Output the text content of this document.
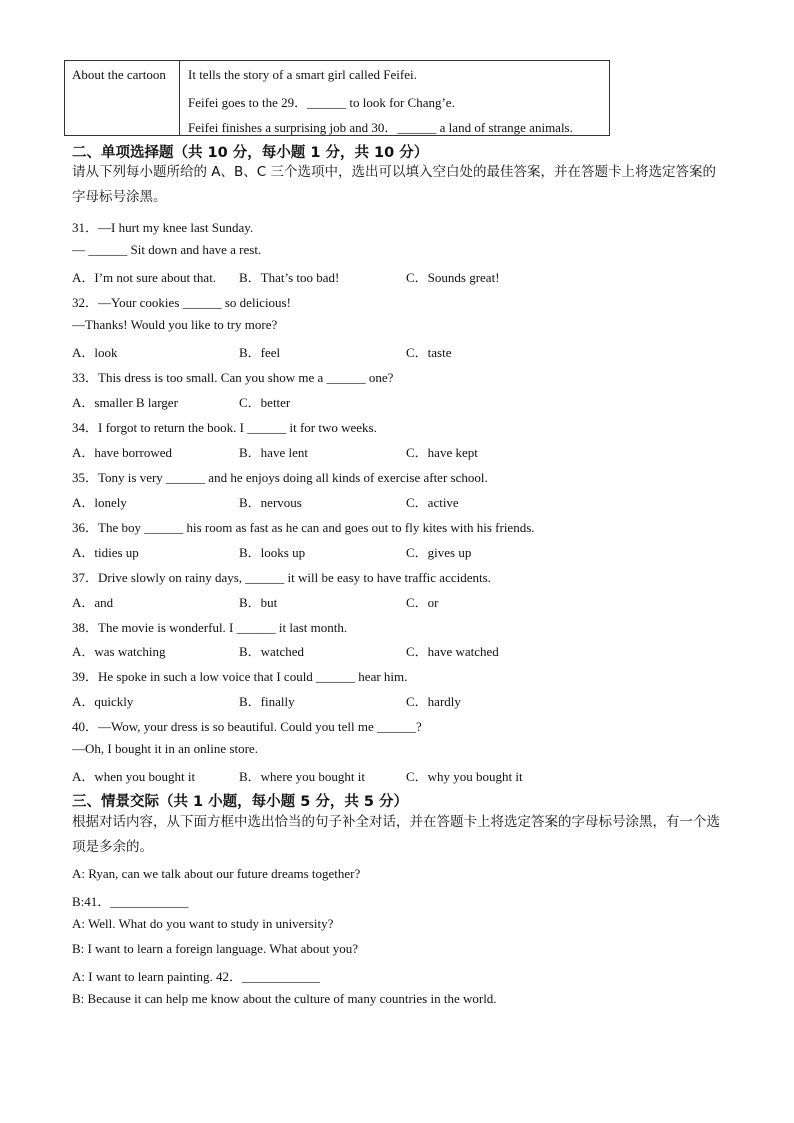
About the cartoon	It tells the story of a smart girl called Feifei.
Feifei goes to the 29．______ to look for Chang’e.
Feifei finishes a surprising job and 30．______ a land of strange animals.
二、单项选择题（共 10 分，每小题 1 分，共 10 分）
请从下列每小题所给的 A、B、C 三个选项中，选出可以填入空白处的最佳答案，并在答题卡上将选定答案的字母标号涂黑。
31．—I hurt my knee last Sunday.
— ______ Sit down and have a rest.
A．I’m not sure about that. B．That’s too bad!	C．Sounds great!
32．—Your cookies ______ so delicious!
—Thanks! Would you like to try more?
A．look	B．feel	C．taste
33．This dress is too small. Can you show me a ______ one?
A．smaller B larger	C．better
34．I forgot to return the book. I ______ it for two weeks.
A．have borrowed	B．have lent	C．have kept
35．Tony is very ______ and he enjoys doing all kinds of exercise after school.
A．lonely	B．nervous	C．active
36．The boy ______ his room as fast as he can and goes out to fly kites with his friends.
A．tidies up	B．looks up	C．gives up
37．Drive slowly on rainy days, ______ it will be easy to have traffic accidents.
A．and	B．but	C．or
38．The movie is wonderful. I ______ it last month.
A．was watching	B．watched	C．have watched
39．He spoke in such a low voice that I could ______ hear him.
A．quickly	B．finally	C．hardly
40．—Wow, your dress is so beautiful. Could you tell me ______?
—Oh, I bought it in an online store.
A．when you bought it	B．where you bought it	C．why you bought it
三、情景交际（共 1 小题，每小题 5 分，共 5 分）
根据对话内容，从下面方框中选出恰当的句子补全对话，并在答题卡上将选定答案的字母标号涂黑，有一个选项是多余的。
A: Ryan, can we talk about our future dreams together?
B:41．____________
A: Well. What do you want to study in university?
B: I want to learn a foreign language. What about you?
A: I want to learn painting. 42．____________
B: Because it can help me know about the culture of many countries in the world.
